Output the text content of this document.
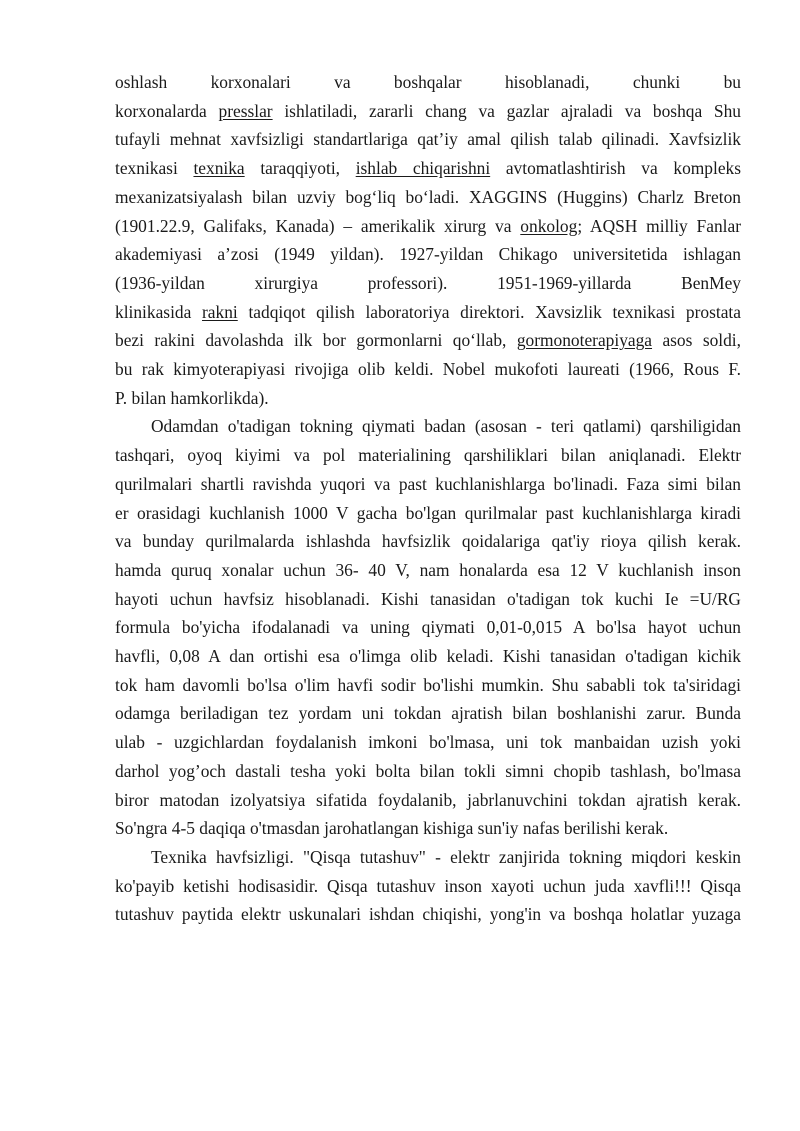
oshlash korxonalari va boshqalar hisoblanadi, chunki bu
korxonalarda presslar ishlatiladi, zararli chang va gazlar ajraladi va boshqa Shu
tufayli mehnat xavfsizligi standartlariga qat’iy amal qilish talab qilinadi. Xavfsizlik
texnikasi texnika taraqqiyoti, ishlab chiqarishni avtomatlashtirish va kompleks
mexanizatsiyalash bilan uzviy bog‘liq bo‘ladi. XAGGINS (Huggins) Charlz Breton
(1901.22.9, Galifaks, Kanada) – amerikalik xirurg va onkolog; AQSH milliy Fanlar
akademiyasi a’zosi (1949 yildan). 1927-yildan Chikago universitetida ishlagan
(1936-yildan xirurgiya professori). 1951-1969-yillarda BenMey
klinikasida rakni tadqiqot qilish laboratoriya direktori. Xavsizlik texnikasi prostata
bezi rakini davolashda ilk bor gormonlarni qo‘llab, gormonoterapiyaga asos soldi,
bu rak kimyoterapiyasi rivojiga olib keldi. Nobel mukofoti laureati (1966, Rous F.
P. bilan hamkorlikda).
Odamdan o'tadigan tokning qiymati badan (asosan - teri qatlami) qarshiligidan
tashqari, oyoq kiyimi va pol materialining qarshiliklari bilan aniqlanadi. Elektr
qurilmalari shartli ravishda yuqori va past kuchlanishlarga bo'linadi. Faza simi bilan
er orasidagi kuchlanish 1000 V gacha bo'lgan qurilmalar past kuchlanishlarga kiradi
va bunday qurilmalarda ishlashda havfsizlik qoidalariga qat'iy rioya qilish kerak.
hamda quruq xonalar uchun 36- 40 V, nam honalarda esa 12 V kuchlanish inson
hayoti uchun havfsiz hisoblanadi. Kishi tanasidan o'tadigan tok kuchi Ie =U/RG
formula bo'yicha ifodalanadi va uning qiymati 0,01-0,015 A bo'lsa hayot uchun
havfli, 0,08 A dan ortishi esa o'limga olib keladi. Kishi tanasidan o'tadigan kichik
tok ham davomli bo'lsa o'lim havfi sodir bo'lishi mumkin. Shu sababli tok ta'siridagi
odamga beriladigan tez yordam uni tokdan ajratish bilan boshlanishi zarur. Bunda
ulab - uzgichlardan foydalanish imkoni bo'lmasa, uni tok manbaidan uzish yoki
darhol yog’och dastali tesha yoki bolta bilan tokli simni chopib tashlash, bo'lmasa
biror matodan izolyatsiya sifatida foydalanib, jabrlanuvchini tokdan ajratish kerak.
So'ngra 4-5 daqiqa o'tmasdan jarohatlangan kishiga sun'iy nafas berilishi kerak.
Texnika havfsizligi. "Qisqa tutashuv" - elektr zanjirida tokning miqdori keskin
ko'payib ketishi hodisasidir. Qisqa tutashuv inson xayoti uchun juda xavfli!!! Qisqa
tutashuv paytida elektr uskunalari ishdan chiqishi, yong'in va boshqa holatlar yuzaga
